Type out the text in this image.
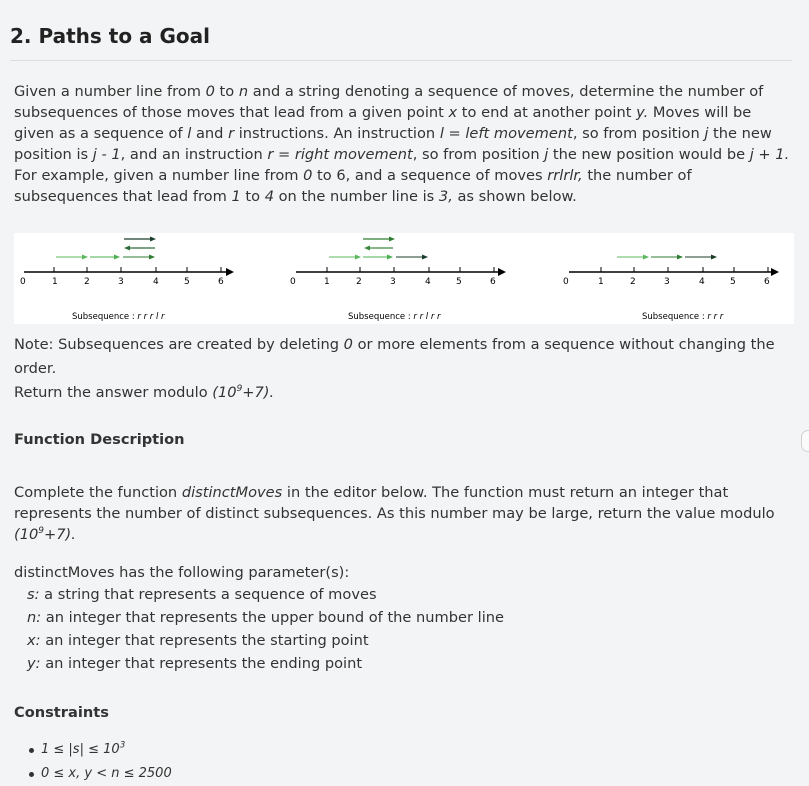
2. Paths to a Goal

Given a number line from 0 to n and a string denoting a sequence of moves, determine the number of subsequences of those moves that lead from a given point x to end at another point y. Moves will be given as a sequence of l and r instructions. An instruction l = left movement, so from position j the new position is j - 1, and an instruction r = right movement, so from position j the new position would be j + 1.

For example, given a number line from 0 to 6, and a sequence of moves rrlrlr, the number of subsequences that lead from 1 to 4 on the number line is 3, as shown below.

0	1	2	3	4	5	6
Subsequence : r r r l r
0	1	2	3	4	5	6
Subsequence : r r l r r
0	1	2	3	4	5	6
Subsequence : r r r

Note: Subsequences are created by deleting 0 or more elements from a sequence without changing the order.
Return the answer modulo $(10^9+7)$.

Function Description

Complete the function distinctMoves in the editor below. The function must return an integer that represents the number of distinct subsequences. As this number may be large, return the value modulo $(10^9+7)$.

distinctMoves has the following parameter(s):

s: a string that represents a sequence of moves
n: an integer that represents the upper bound of the number line
x: an integer that represents the starting point
y: an integer that represents the ending point

Constraints

$1 \le |s| \le 10^3$
0 ≤ x, y < n ≤ 2500
